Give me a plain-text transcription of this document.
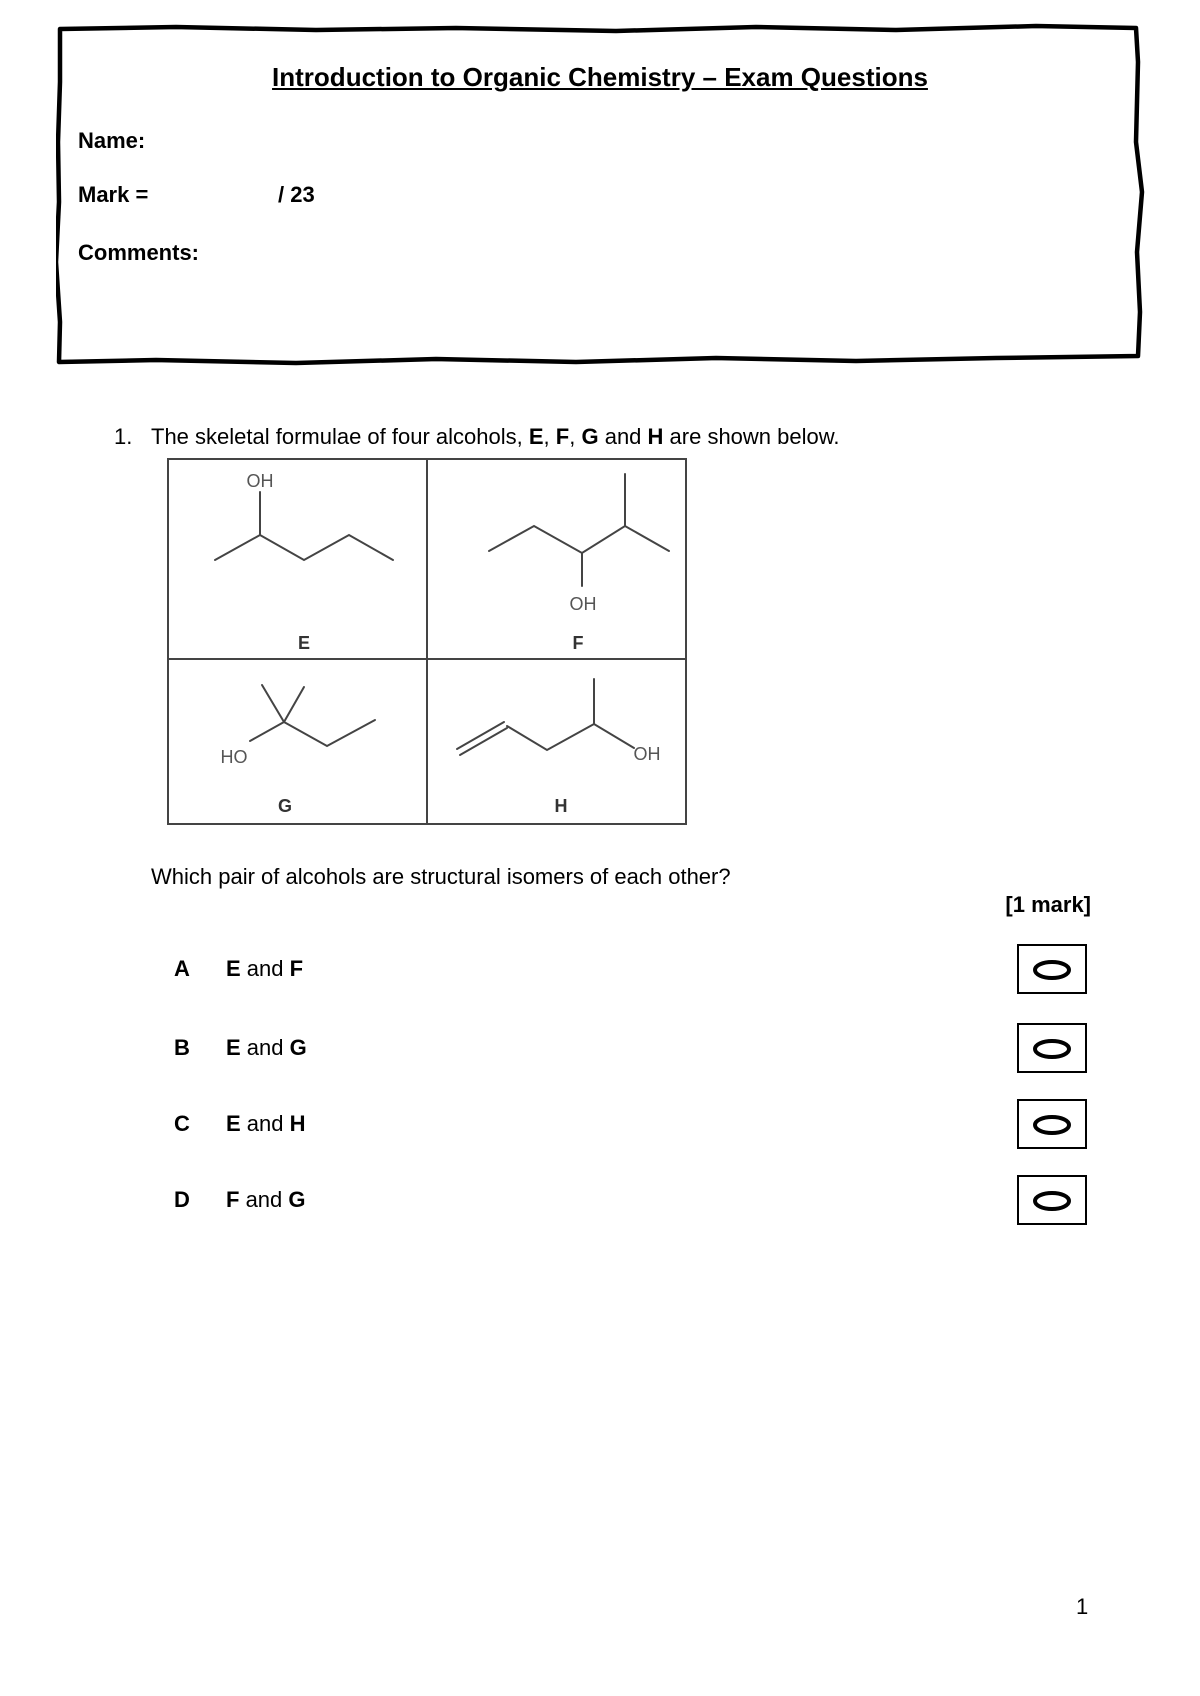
Introduction to Organic Chemistry – Exam Questions
Name:
Mark =	/ 23
Comments:
1. The skeletal formulae of four alcohols, E, F, G and H are shown below.
OH
E
OH
F
HO
G
OH
H
Which pair of alcohols are structural isomers of each other?
[1 mark]
A E and F
B E and G
C E and H
D F and G
1
